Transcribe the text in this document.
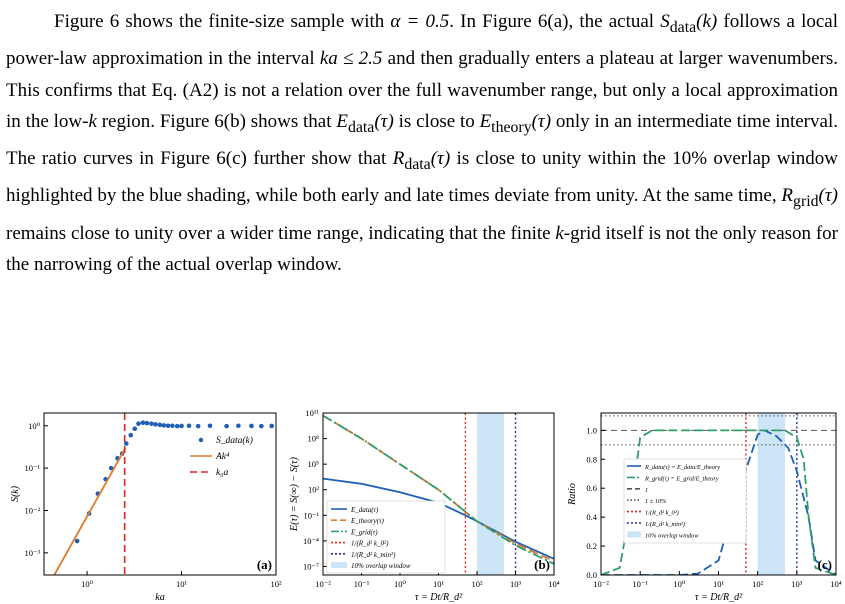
Figure 6 shows the finite-size sample with α = 0.5. In Figure 6(a), the actual $S_{data}(k)$ follows a local power-law approximation in the interval ka ≤ 2.5 and then gradually enters a plateau at larger wavenumbers. This confirms that Eq. (A2) is not a relation over the full wavenumber range, but only a local approximation in the low-k region. Figure 6(b) shows that $E_{data}(\tau)$ is close to $E_{theory}(\tau)$ only in an intermediate time interval. The ratio curves in Figure 6(c) further show that $R_{data}(\tau)$ is close to unity within the 10% overlap window highlighted by the blue shading, while both early and late times deviate from unity. At the same time, $R_{grid}(\tau)$ remains close to unity over a wider time range, indicating that the finite k-grid itself is not the only reason for the narrowing of the actual overlap window.
10⁰	10¹	10²
10⁻³
10⁻²
10⁻¹
10⁰
ka
S(k)
(a)
S_data(k)
Ak⁴
k₀a
10⁻²	10⁻¹	10⁰	10¹	10²	10³	10⁴
10⁻⁷
10⁻⁴
10⁻¹
10²
10⁵
10⁸
10¹¹
τ = Dt/R_d²
E(τ) = S(∞) − S(τ)
(b)
E_data(τ)
E_theory(τ)
E_grid(τ)
1/(R_d² k_0²)
1/(R_d² k_min²)
10% overlap window
10⁻²	10⁻¹	10⁰	10¹	10²	10³	10⁴
0.0
0.2
0.4
0.6
0.8
1.0
τ = Dt/R_d²
Ratio
(c)
R_data(τ) = E_data/E_theory
R_grid(τ) = E_grid/E_theory
1
1 ± 10%
1/(R_d² k_0²)
1/(R_d² k_min²)
10% overlap window
